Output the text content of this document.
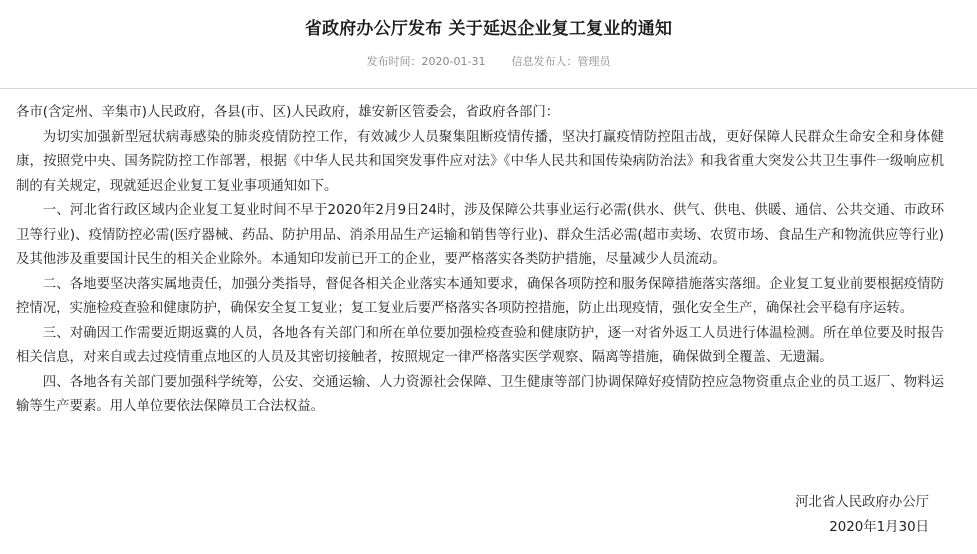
省政府办公厅发布 关于延迟企业复工复业的通知
发布时间：2020-01-31 信息发布人：管理员

各市(含定州、辛集市)人民政府，各县(市、区)人民政府，雄安新区管委会，省政府各部门：

为切实加强新型冠状病毒感染的肺炎疫情防控工作，有效减少人员聚集阻断疫情传播，坚决打赢疫情防控阻击战，更好保障人民群众生命安全和身体健康，按照党中央、国务院防控工作部署，根据《中华人民共和国突发事件应对法》《中华人民共和国传染病防治法》和我省重大突发公共卫生事件一级响应机制的有关规定，现就延迟企业复工复业事项通知如下。

一、河北省行政区域内企业复工复业时间不早于2020年2月9日24时，涉及保障公共事业运行必需(供水、供气、供电、供暖、通信、公共交通、市政环卫等行业)、疫情防控必需(医疗器械、药品、防护用品、消杀用品生产运输和销售等行业)、群众生活必需(超市卖场、农贸市场、食品生产和物流供应等行业)及其他涉及重要国计民生的相关企业除外。本通知印发前已开工的企业，要严格落实各类防护措施，尽量减少人员流动。

二、各地要坚决落实属地责任，加强分类指导，督促各相关企业落实本通知要求，确保各项防控和服务保障措施落实落细。企业复工复业前要根据疫情防控情况，实施检疫查验和健康防护，确保安全复工复业；复工复业后要严格落实各项防控措施，防止出现疫情，强化安全生产，确保社会平稳有序运转。

三、对确因工作需要近期返冀的人员，各地各有关部门和所在单位要加强检疫查验和健康防护，逐一对省外返工人员进行体温检测。所在单位要及时报告相关信息，对来自或去过疫情重点地区的人员及其密切接触者，按照规定一律严格落实医学观察、隔离等措施，确保做到全覆盖、无遗漏。

四、各地各有关部门要加强科学统筹，公安、交通运输、人力资源社会保障、卫生健康等部门协调保障好疫情防控应急物资重点企业的员工返厂、物料运输等生产要素。用人单位要依法保障员工合法权益。

河北省人民政府办公厅
2020年1月30日
